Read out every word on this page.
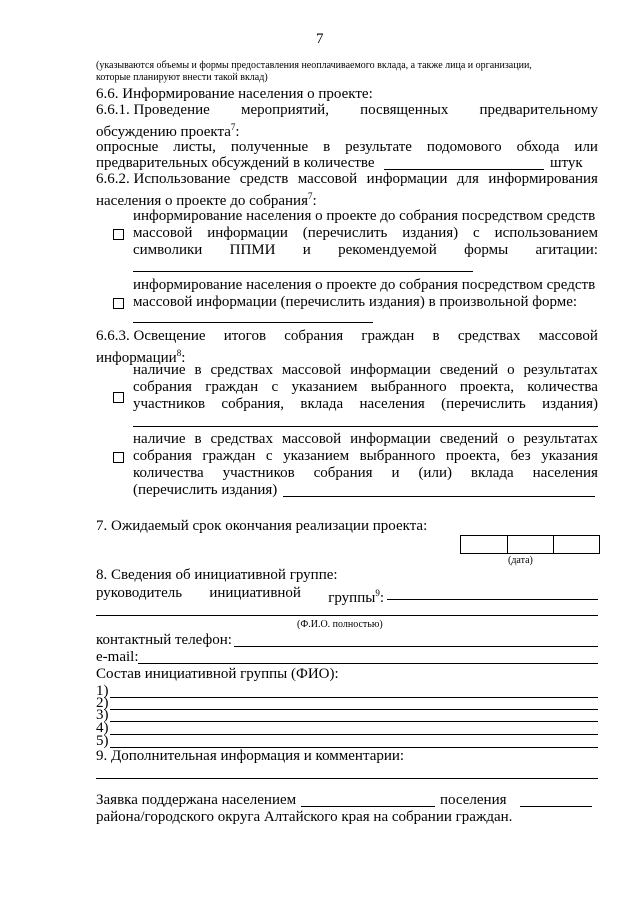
7
(указываются объемы и формы предоставления неоплачиваемого вклада, а также лица и организации,
которые планируют внести такой вклад)
6.6. Информирование населения о проекте:
6.6.1. Проведение мероприятий, посвященных предварительному
обсуждению проекта$^7$:
опросные листы, полученные в результате подомового обхода или
предварительных обсуждений в количестве	штук
6.6.2. Использование средств массовой информации для информирования
населения о проекте до собрания$^7$:
информирование населения о проекте до собрания посредством средств
массовой информации (перечислить издания) с использованием
символики ППМИ и рекомендуемой формы агитации:
информирование населения о проекте до собрания посредством средств
массовой информации (перечислить издания) в произвольной форме:
6.6.3. Освещение итогов собрания граждан в средствах массовой
информации$^8$:
наличие в средствах массовой информации сведений о результатах
собрания граждан с указанием выбранного проекта, количества
участников собрания, вклада населения (перечислить издания)
наличие в средствах массовой информации сведений о результатах
собрания граждан с указанием выбранного проекта, без указания
количества участников собрания и (или) вклада населения
(перечислить издания)
7. Ожидаемый срок окончания реализации проекта:
(дата)
8. Сведения об инициативной группе:
руководитель инициативной группы$^9$:
(Ф.И.О. полностью)
контактный телефон:
e-mail:
Состав инициативной группы (ФИО):
1)
2)
3)
4)
5)
9. Дополнительная информация и комментарии:
Заявка поддержана населением	поселения
района/городского округа Алтайского края на собрании граждан.
